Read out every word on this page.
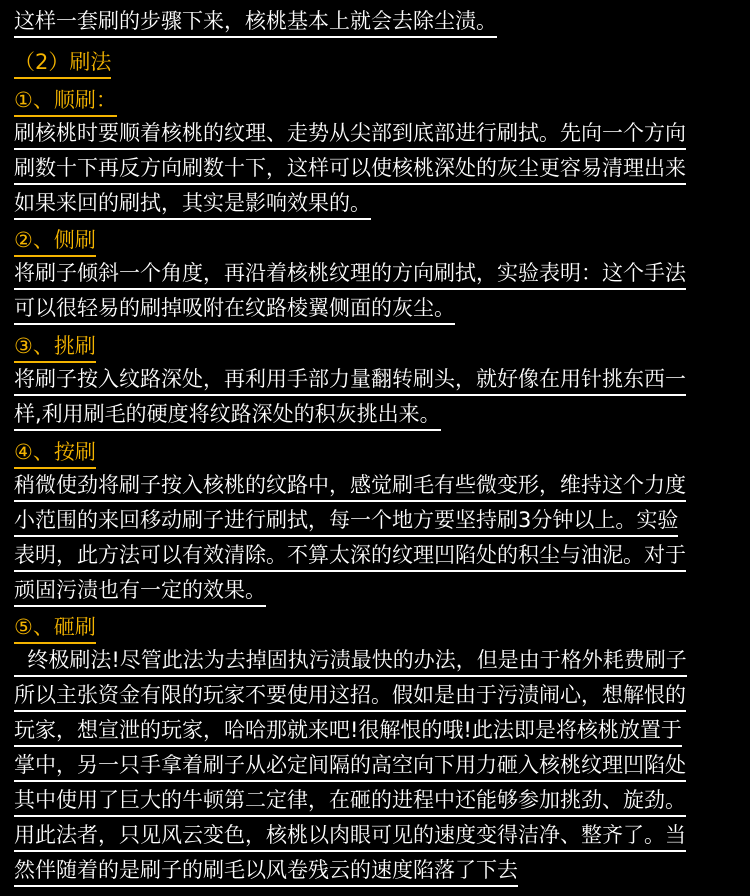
这样一套刷的步骤下来，核桃基本上就会去除尘渍。
（2）刷法
①、顺刷：
刷核桃时要顺着核桃的纹理、走势从尖部到底部进行刷拭。先向一个方向
刷数十下再反方向刷数十下，这样可以使核桃深处的灰尘更容易清理出来
如果来回的刷拭，其实是影响效果的。
②、侧刷
将刷子倾斜一个角度，再沿着核桃纹理的方向刷拭，实验表明：这个手法
可以很轻易的刷掉吸附在纹路棱翼侧面的灰尘。
③、挑刷
将刷子按入纹路深处，再利用手部力量翻转刷头，就好像在用针挑东西一
样,利用刷毛的硬度将纹路深处的积灰挑出来。
④、按刷
稍微使劲将刷子按入核桃的纹路中，感觉刷毛有些微变形，维持这个力度
小范围的来回移动刷子进行刷拭，每一个地方要坚持刷3分钟以上。实验
表明，此方法可以有效清除。不算太深的纹理凹陷处的积尘与油泥。对于
顽固污渍也有一定的效果。
⑤、砸刷
终极刷法!尽管此法为去掉固执污渍最快的办法，但是由于格外耗费刷子
所以主张资金有限的玩家不要使用这招。假如是由于污渍闹心，想解恨的
玩家，想宣泄的玩家，哈哈那就来吧!很解恨的哦!此法即是将核桃放置于
掌中，另一只手拿着刷子从必定间隔的高空向下用力砸入核桃纹理凹陷处
其中使用了巨大的牛顿第二定律，在砸的进程中还能够参加挑劲、旋劲。
用此法者，只见风云变色，核桃以肉眼可见的速度变得洁净、整齐了。当
然伴随着的是刷子的刷毛以风卷残云的速度陷落了下去
